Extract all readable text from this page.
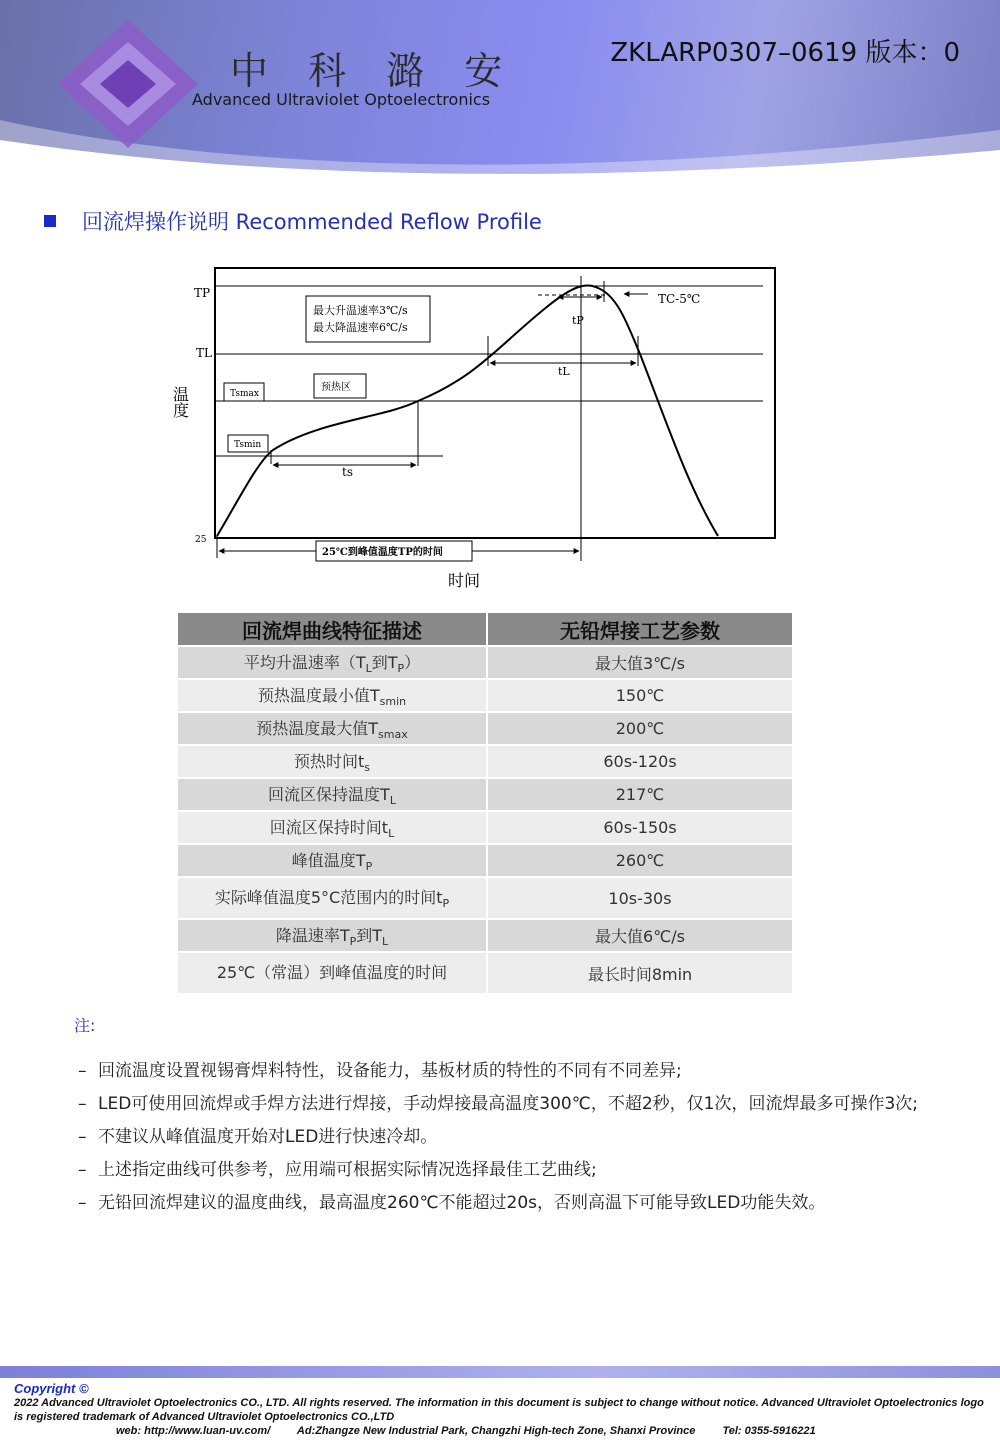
中 科 潞 安
Advanced Ultraviolet Optoelectronics
ZKLARP0307–0619 版本：0
回流焊操作说明 Recommended Reflow Profile
最大升温速率3℃/s
最大降温速率6℃/s
Tsmax
Tsmin
预热区
25℃到峰值温度TP的时间
TP
TL
25
温度
时间
TC-5℃
tP
tL
ts
回流焊曲线特征描述	无铅焊接工艺参数
平均升温速率（$T_L$到$T_P$）	最大值3℃/s
预热温度最小值$T_{smin}$	150℃
预热温度最大值$T_{smax}$	200℃
预热时间$t_s$	60s-120s
回流区保持温度$T_L$	217℃
回流区保持时间$t_L$	60s-150s
峰值温度$T_P$	260℃
实际峰值温度5°C范围内的时间$t_P$	10s-30s
降温速率$T_P$到$T_L$	最大值6℃/s
25℃（常温）到峰值温度的时间	最长时间8min
注:
– 回流温度设置视锡膏焊料特性，设备能力，基板材质的特性的不同有不同差异;
– LED可使用回流焊或手焊方法进行焊接，手动焊接最高温度300℃，不超2秒，仅1次，回流焊最多可操作3次;
– 不建议从峰值温度开始对LED进行快速冷却。
– 上述指定曲线可供参考，应用端可根据实际情况选择最佳工艺曲线;
– 无铅回流焊建议的温度曲线，最高温度260℃不能超过20s，否则高温下可能导致LED功能失效。
Copyright ©
2022 Advanced Ultraviolet Optoelectronics CO., LTD. All rights reserved. The information in this document is subject to change without notice. Advanced Ultraviolet Optoelectronics logo is registered trademark of Advanced Ultraviolet Optoelectronics CO.,LTD
web: http://www.luan-uv.com/ Ad:Zhangze New Industrial Park, Changzhi High-tech Zone, Shanxi Province Tel: 0355-5916221
